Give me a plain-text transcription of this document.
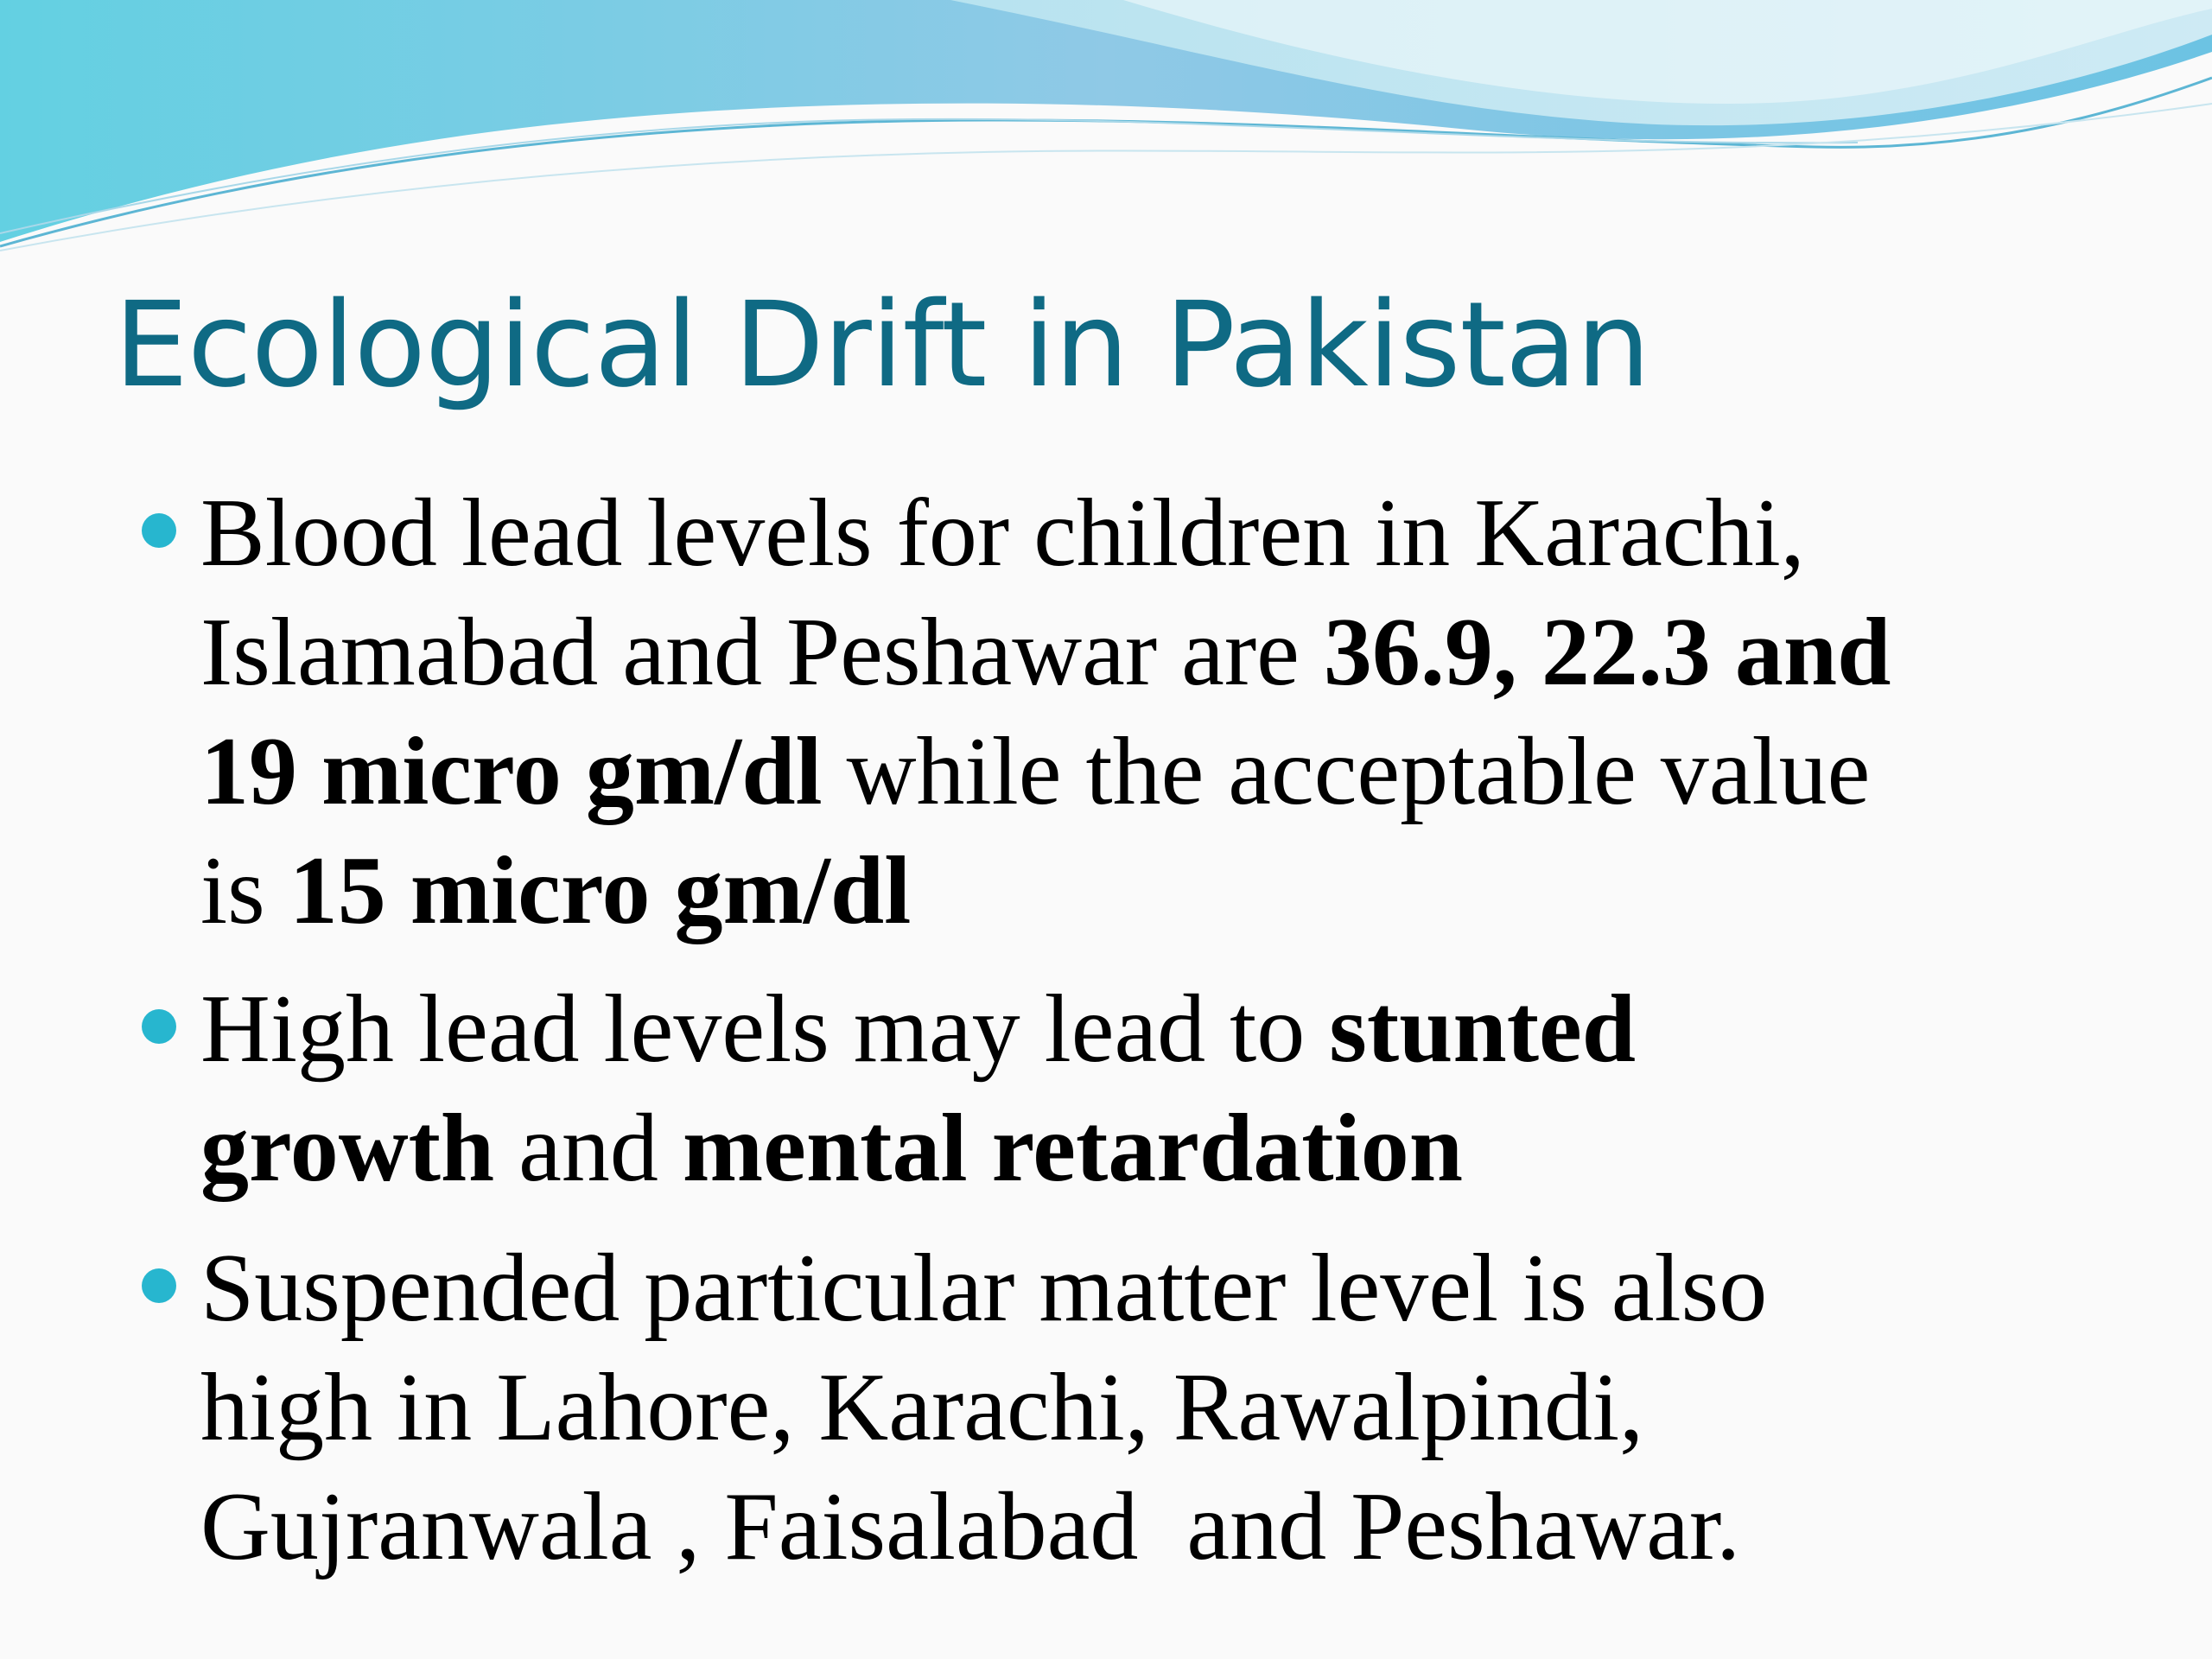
Ecological Drift in Pakistan
Blood lead levels for children in Karachi,
Islamabad and Peshawar are 36.9, 22.3 and
19 micro gm/dl while the acceptable value
is 15 micro gm/dl
High lead levels may lead to stunted
growth and mental retardation
Suspended particular matter level is also
high in Lahore, Karachi, Rawalpindi,
Gujranwala , Faisalabad  and Peshawar.
